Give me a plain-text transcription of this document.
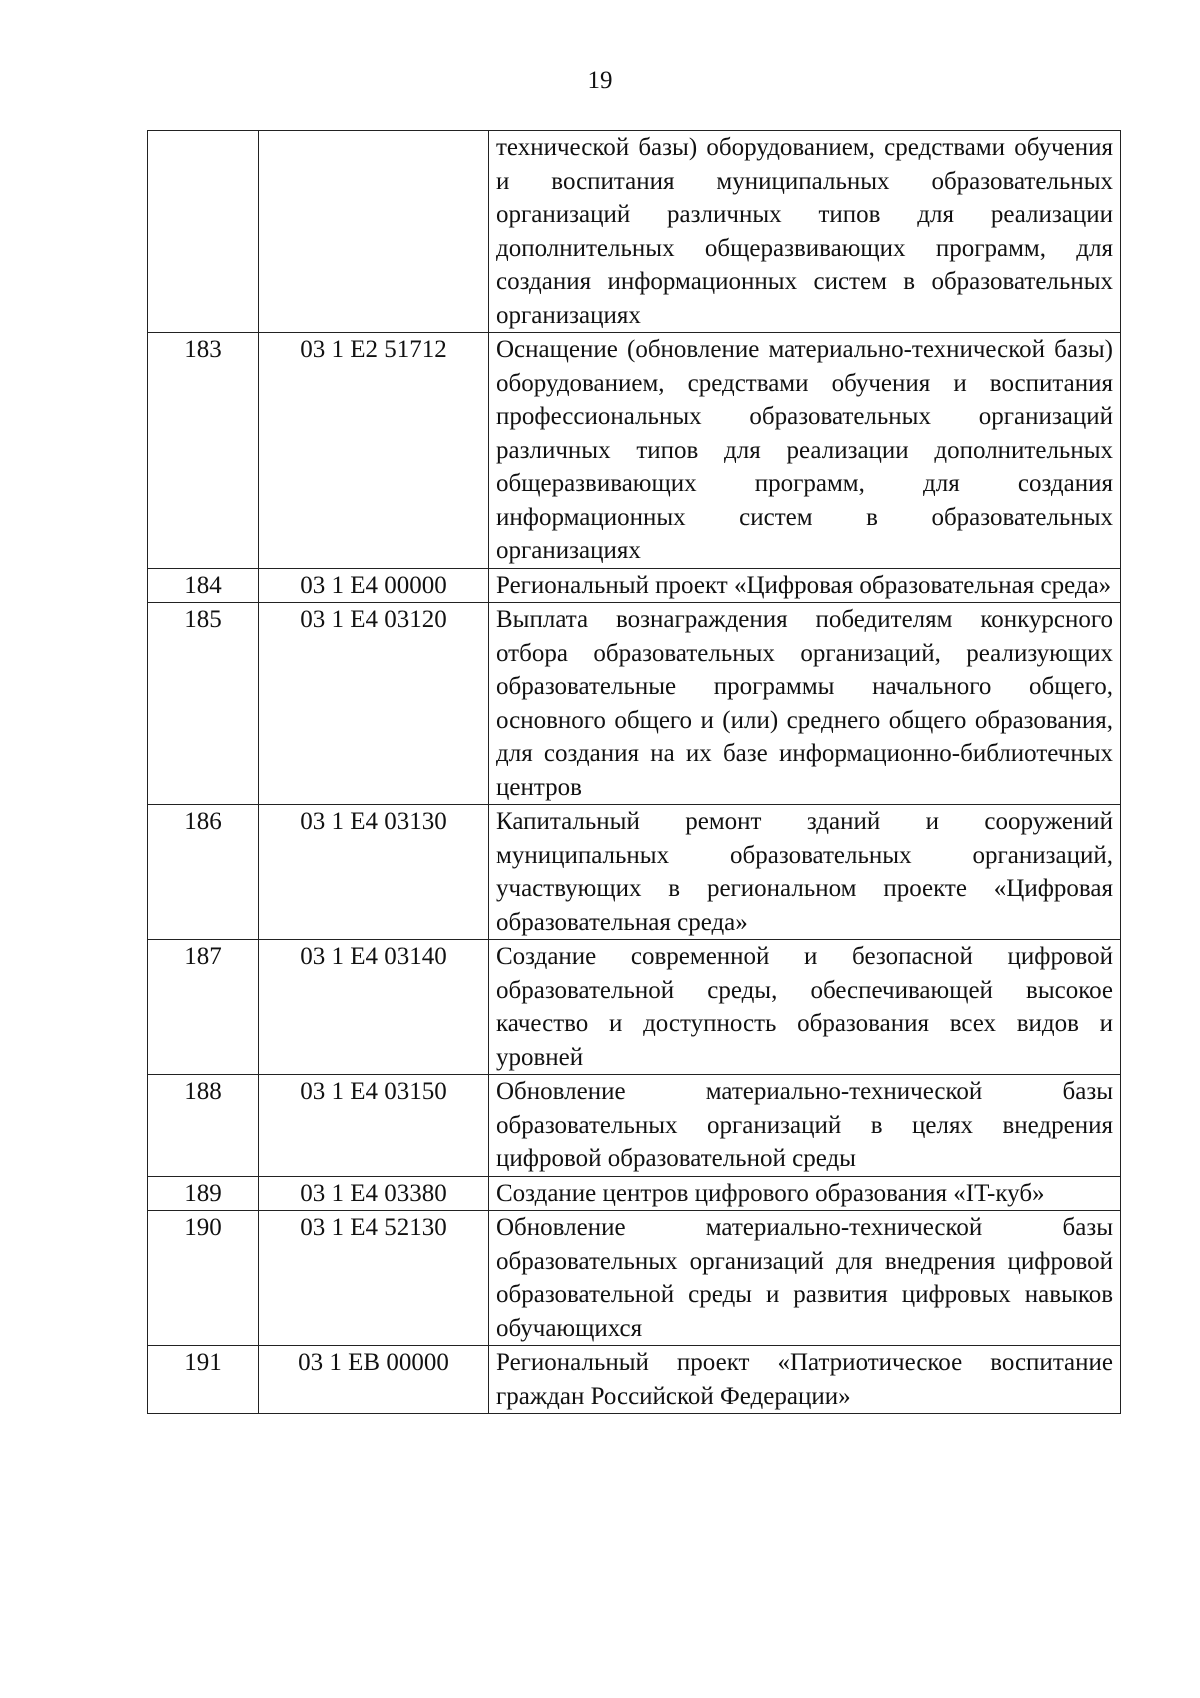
19
		технической базы) оборудованием, средствами обучения и воспитания муниципальных образовательных организаций различных типов для реализации дополнительных общеразвивающих программ, для создания информационных систем в образовательных организациях
183	03 1 E2 51712	Оснащение (обновление материально-технической базы) оборудованием, средствами обучения и воспитания профессиональных образовательных организаций различных типов для реализации дополнительных общеразвивающих программ, для создания информационных систем в образовательных организациях
184	03 1 E4 00000	Региональный проект «Цифровая образовательная среда»
185	03 1 E4 03120	Выплата вознаграждения победителям конкурсного отбора образовательных организаций, реализующих образовательные программы начального общего, основного общего и (или) среднего общего образования, для создания на их базе информационно-библиотечных центров
186	03 1 E4 03130	Капитальный ремонт зданий и сооружений муниципальных образовательных организаций, участвующих в региональном проекте «Цифровая образовательная среда»
187	03 1 E4 03140	Создание современной и безопасной цифровой образовательной среды, обеспечивающей высокое качество и доступность образования всех видов и уровней
188	03 1 E4 03150	Обновление материально-технической базы образовательных организаций в целях внедрения цифровой образовательной среды
189	03 1 E4 03380	Создание центров цифрового образования «IT-куб»
190	03 1 E4 52130	Обновление материально-технической базы образовательных организаций для внедрения цифровой образовательной среды и развития цифровых навыков обучающихся
191	03 1 EB 00000	Региональный проект «Патриотическое воспитание граждан Российской Федерации»
